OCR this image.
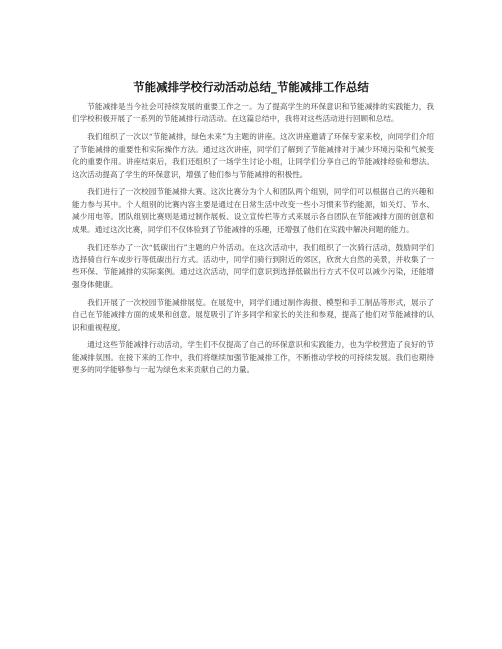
节能减排学校行动活动总结_节能减排工作总结

节能减排是当今社会可持续发展的重要工作之一。为了提高学生的环保意识和节能减排的实践能力，我们学校积极开展了一系列的节能减排行动活动。在这篇总结中，我将对这些活动进行回顾和总结。

我们组织了一次以“节能减排，绿色未来”为主题的讲座。这次讲座邀请了环保专家来校，向同学们介绍了节能减排的重要性和实际操作方法。通过这次讲座，同学们了解到了节能减排对于减少环境污染和气候变化的重要作用。讲座结束后，我们还组织了一场学生讨论小组，让同学们分享自己的节能减排经验和想法。这次活动提高了学生的环保意识，增强了他们参与节能减排的积极性。

我们进行了一次校园节能减排大赛。这次比赛分为个人和团队两个组别，同学们可以根据自己的兴趣和能力参与其中。个人组别的比赛内容主要是通过在日常生活中改变一些小习惯来节约能源，如关灯、节水、减少用电等。团队组别比赛则是通过制作展板、设立宣传栏等方式来展示各自团队在节能减排方面的创意和成果。通过这次比赛，同学们不仅体验到了节能减排的乐趣，还增强了他们在实践中解决问题的能力。

我们还举办了一次“低碳出行”主题的户外活动。在这次活动中，我们组织了一次骑行活动，鼓励同学们选择骑自行车或步行等低碳出行方式。活动中，同学们骑行到附近的郊区，欣赏大自然的美景，并收集了一些环保、节能减排的实际案例。通过这次活动，同学们意识到选择低碳出行方式不仅可以减少污染，还能增强身体健康。

我们开展了一次校园节能减排展览。在展览中，同学们通过制作海报、模型和手工制品等形式，展示了自己在节能减排方面的成果和创意。展览吸引了许多同学和家长的关注和参观，提高了他们对节能减排的认识和重视程度。

通过这些节能减排行动活动，学生们不仅提高了自己的环保意识和实践能力，也为学校营造了良好的节能减排氛围。在接下来的工作中，我们将继续加强节能减排工作，不断推动学校的可持续发展。我们也期待更多的同学能够参与一起为绿色未来贡献自己的力量。
